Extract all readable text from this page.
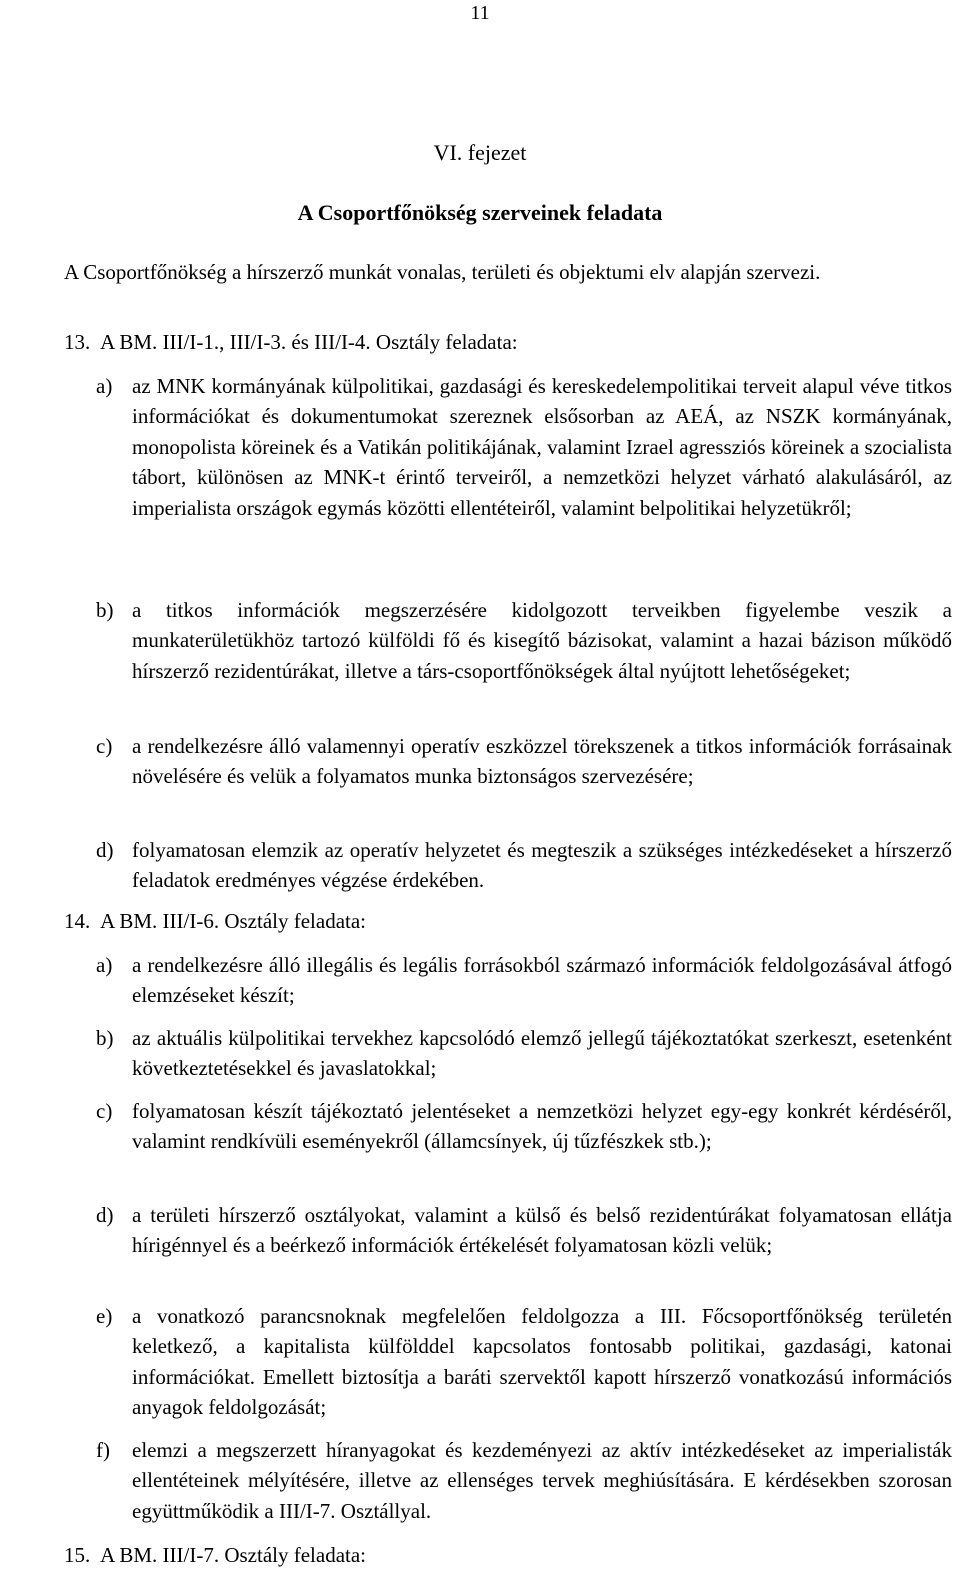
11
VI. fejezet
A Csoportfőnökség szerveinek feladata

A Csoportfőnökség a hírszerző munkát vonalas, területi és objektumi elv alapján szervezi.

13. A BM. III/I-1., III/I-3. és III/I-4. Osztály feladata:
a) az MNK kormányának külpolitikai, gazdasági és kereskedelempolitikai terveit alapul véve titkos információkat és dokumentumokat szereznek elsősorban az AEÁ, az NSZK kormányának, monopolista köreinek és a Vatikán politikájának, valamint Izrael agressziós köreinek a szocialista tábort, különösen az MNK-t érintő terveiről, a nemzetközi helyzet várható alakulásáról, az imperialista országok egymás közötti ellentéteiről, valamint belpolitikai helyzetükről;

b) a titkos információk megszerzésére kidolgozott terveikben figyelembe veszik a munkaterületükhöz tartozó külföldi fő és kisegítő bázisokat, valamint a hazai bázison működő hírszerző rezidentúrákat, illetve a társ-csoportfőnökségek által nyújtott lehetőségeket;

c) a rendelkezésre álló valamennyi operatív eszközzel törekszenek a titkos információk forrásainak növelésére és velük a folyamatos munka biztonságos szervezésére;

d) folyamatosan elemzik az operatív helyzetet és megteszik a szükséges intézkedéseket a hírszerző feladatok eredményes végzése érdekében.

14. A BM. III/I-6. Osztály feladata:
a) a rendelkezésre álló illegális és legális forrásokból származó információk feldolgozásával átfogó elemzéseket készít;

b) az aktuális külpolitikai tervekhez kapcsolódó elemző jellegű tájékoztatókat szerkeszt, esetenként következtetésekkel és javaslatokkal;

c) folyamatosan készít tájékoztató jelentéseket a nemzetközi helyzet egy-egy konkrét kérdéséről, valamint rendkívüli eseményekről (államcsínyek, új tűzfészkek stb.);

d) a területi hírszerző osztályokat, valamint a külső és belső rezidentúrákat folyamatosan ellátja hírigénnyel és a beérkező információk értékelését folyamatosan közli velük;

e) a vonatkozó parancsnoknak megfelelően feldolgozza a III. Főcsoportfőnökség területén keletkező, a kapitalista külfölddel kapcsolatos fontosabb politikai, gazdasági, katonai információkat. Emellett biztosítja a baráti szervektől kapott hírszerző vonatkozású információs anyagok feldolgozását;

f) elemzi a megszerzett híranyagokat és kezdeményezi az aktív intézkedéseket az imperialisták ellentéteinek mélyítésére, illetve az ellenséges tervek meghiúsítására. E kérdésekben szorosan együttműködik a III/I-7. Osztállyal.

15. A BM. III/I-7. Osztály feladata:
